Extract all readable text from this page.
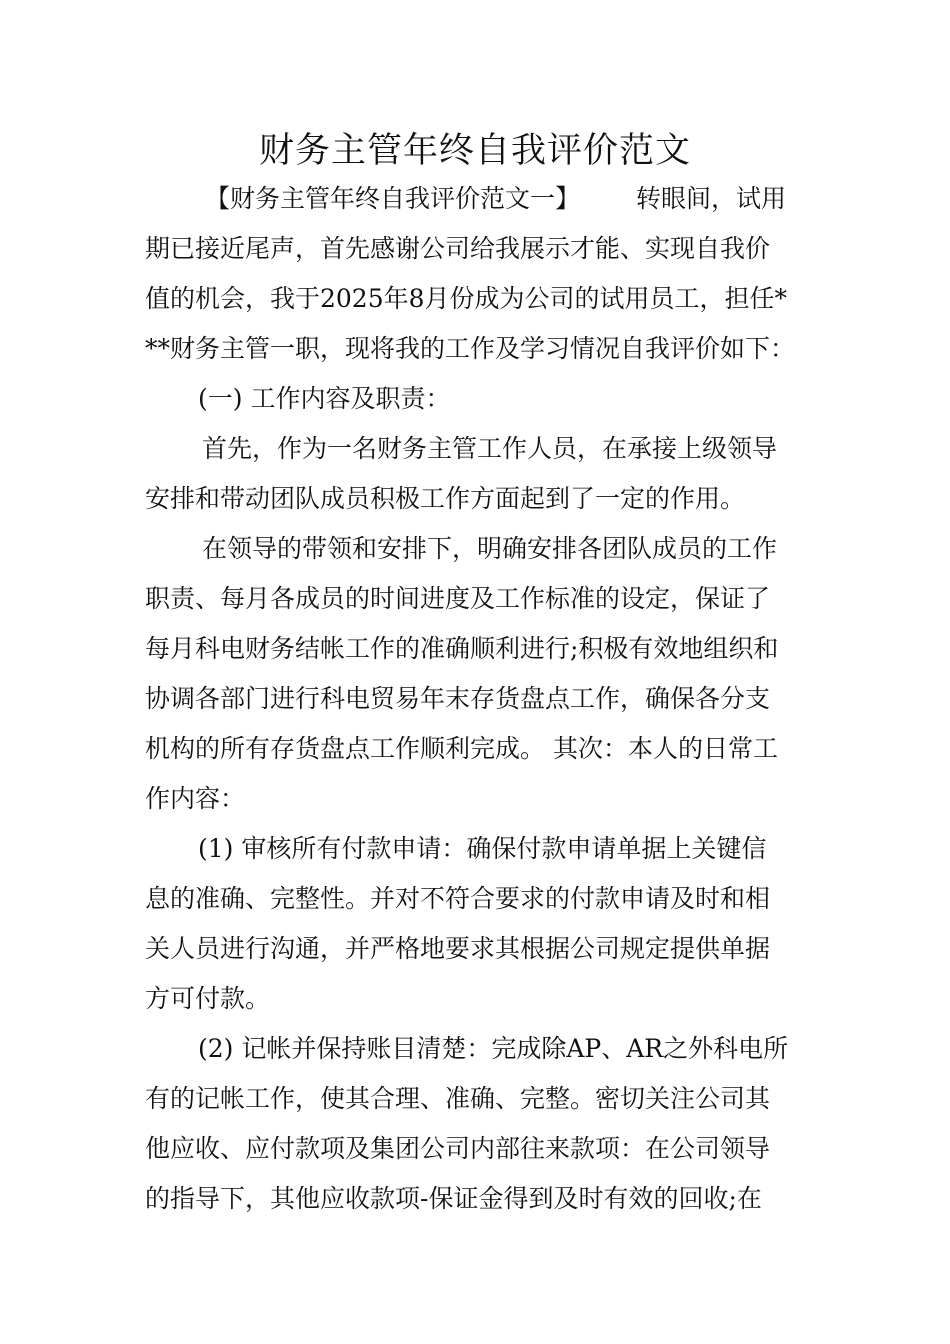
财务主管年终自我评价范文
【财务主管年终自我评价范文一】 转眼间，试用
期已接近尾声，首先感谢公司给我展示才能、实现自我价
值的机会，我于2025年8月份成为公司的试用员工，担任*
**财务主管一职，现将我的工作及学习情况自我评价如下：
(一) 工作内容及职责：
首先，作为一名财务主管工作人员，在承接上级领导
安排和带动团队成员积极工作方面起到了一定的作用。
在领导的带领和安排下，明确安排各团队成员的工作
职责、每月各成员的时间进度及工作标准的设定，保证了
每月科电财务结帐工作的准确顺利进行;积极有效地组织和
协调各部门进行科电贸易年末存货盘点工作，确保各分支
机构的所有存货盘点工作顺利完成。 其次：本人的日常工
作内容：
(1) 审核所有付款申请：确保付款申请单据上关键信
息的准确、完整性。并对不符合要求的付款申请及时和相
关人员进行沟通，并严格地要求其根据公司规定提供单据
方可付款。
(2) 记帐并保持账目清楚：完成除AP、AR之外科电所
有的记帐工作，使其合理、准确、完整。密切关注公司其
他应收、应付款项及集团公司内部往来款项：在公司领导
的指导下，其他应收款项-保证金得到及时有效的回收;在
